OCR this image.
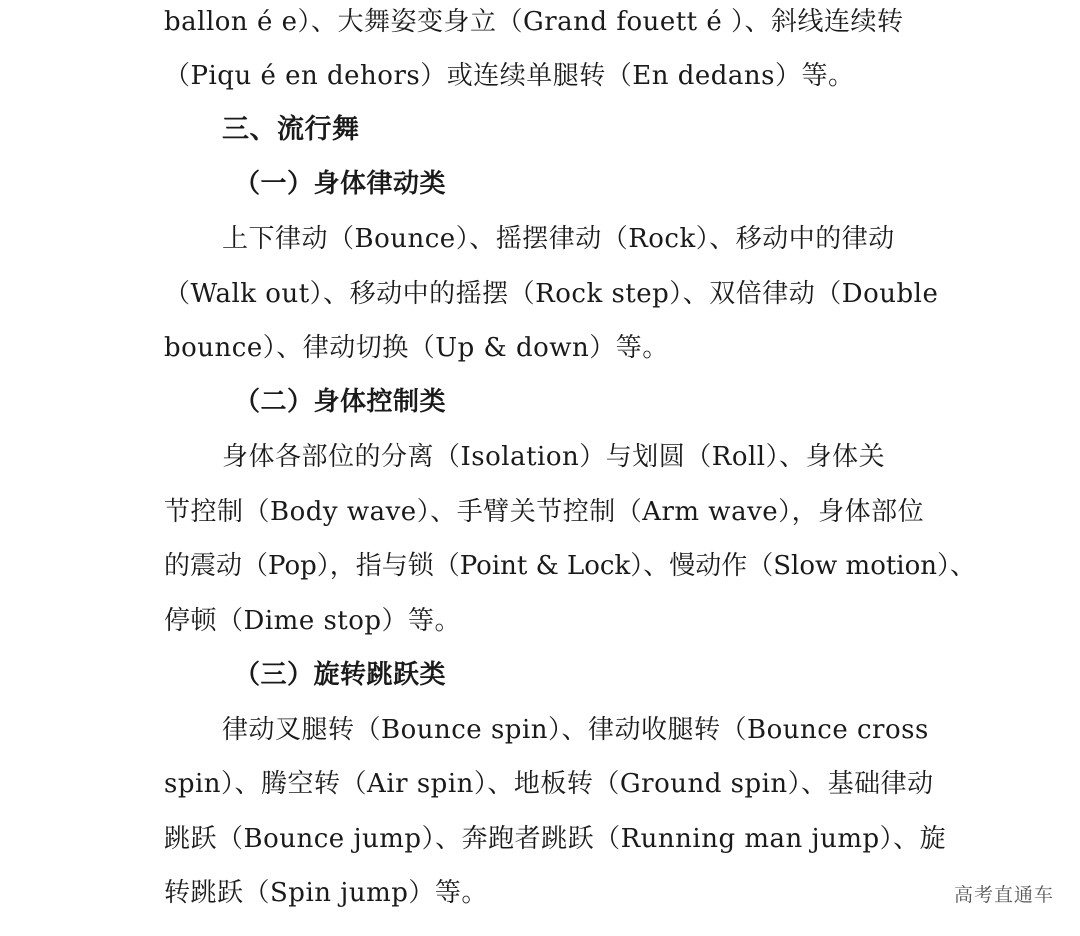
ballon é e）、大舞姿变身立（Grand fouett é ）、斜线连续转
（Piqu é en dehors）或连续单腿转（En dedans）等。
三、流行舞
（一）身体律动类
上下律动（Bounce）、摇摆律动（Rock）、移动中的律动
（Walk out）、移动中的摇摆（Rock step）、双倍律动（Double
bounce）、律动切换（Up & down）等。
（二）身体控制类
身体各部位的分离（Isolation）与划圆（Roll）、身体关
节控制（Body wave）、手臂关节控制（Arm wave），身体部位
的震动（Pop），指与锁（Point & Lock）、慢动作（Slow motion）、
停顿（Dime stop）等。
（三）旋转跳跃类
律动叉腿转（Bounce spin）、律动收腿转（Bounce cross
spin）、腾空转（Air spin）、地板转（Ground spin）、基础律动
跳跃（Bounce jump）、奔跑者跳跃（Running man jump）、旋
转跳跃（Spin jump）等。	高考直通车
